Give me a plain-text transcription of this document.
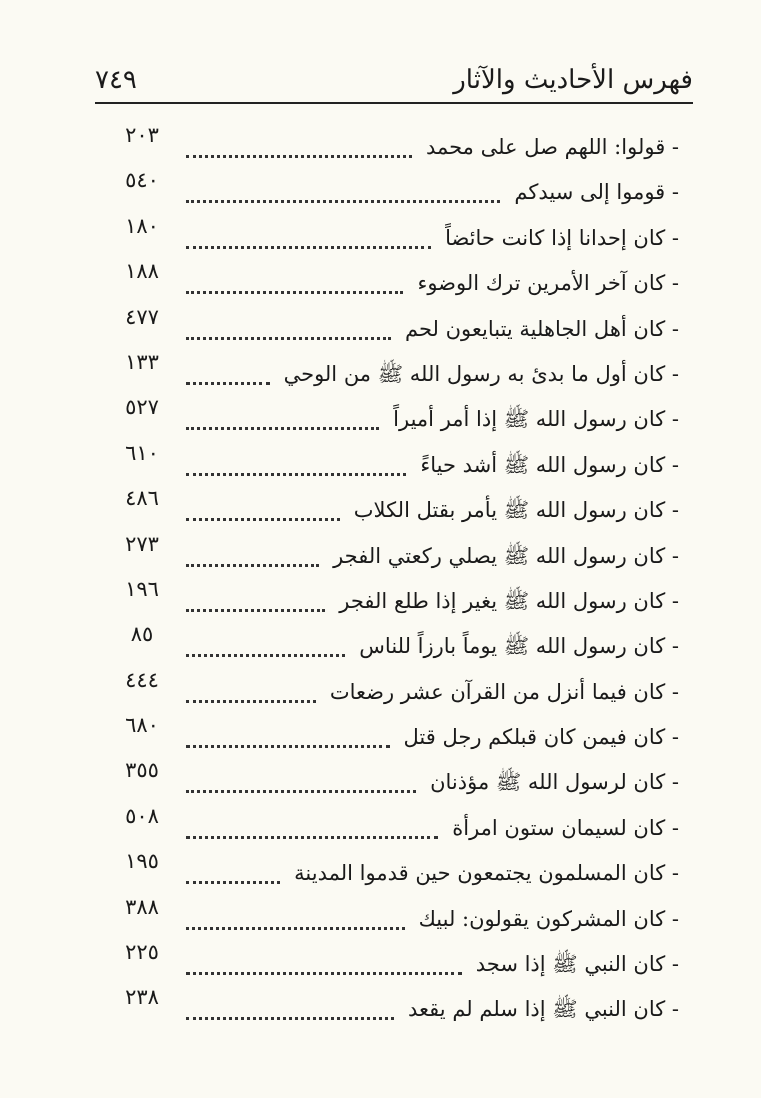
فهرس الأحاديث والآثار
٧٤٩
- قولوا: اللهم صل على محمد
٢٠٣
- قوموا إلى سيدكم
٥٤٠
- كان إحدانا إذا كانت حائضاً
١٨٠
- كان آخر الأمرين ترك الوضوء
١٨٨
- كان أهل الجاهلية يتبايعون لحم
٤٧٧
- كان أول ما بدئ به رسول الله ﷺ من الوحي
١٣٣
- كان رسول الله ﷺ إذا أمر أميراً
٥٢٧
- كان رسول الله ﷺ أشد حياءً
٦١٠
- كان رسول الله ﷺ يأمر بقتل الكلاب
٤٨٦
- كان رسول الله ﷺ يصلي ركعتي الفجر
٢٧٣
- كان رسول الله ﷺ يغير إذا طلع الفجر
١٩٦
- كان رسول الله ﷺ يوماً بارزاً للناس
٨٥
- كان فيما أنزل من القرآن عشر رضعات
٤٤٤
- كان فيمن كان قبلكم رجل قتل
٦٨٠
- كان لرسول الله ﷺ مؤذنان
٣٥٥
- كان لسيمان ستون امرأة
٥٠٨
- كان المسلمون يجتمعون حين قدموا المدينة
١٩٥
- كان المشركون يقولون: لبيك
٣٨٨
- كان النبي ﷺ إذا سجد
٢٢٥
- كان النبي ﷺ إذا سلم لم يقعد
٢٣٨
